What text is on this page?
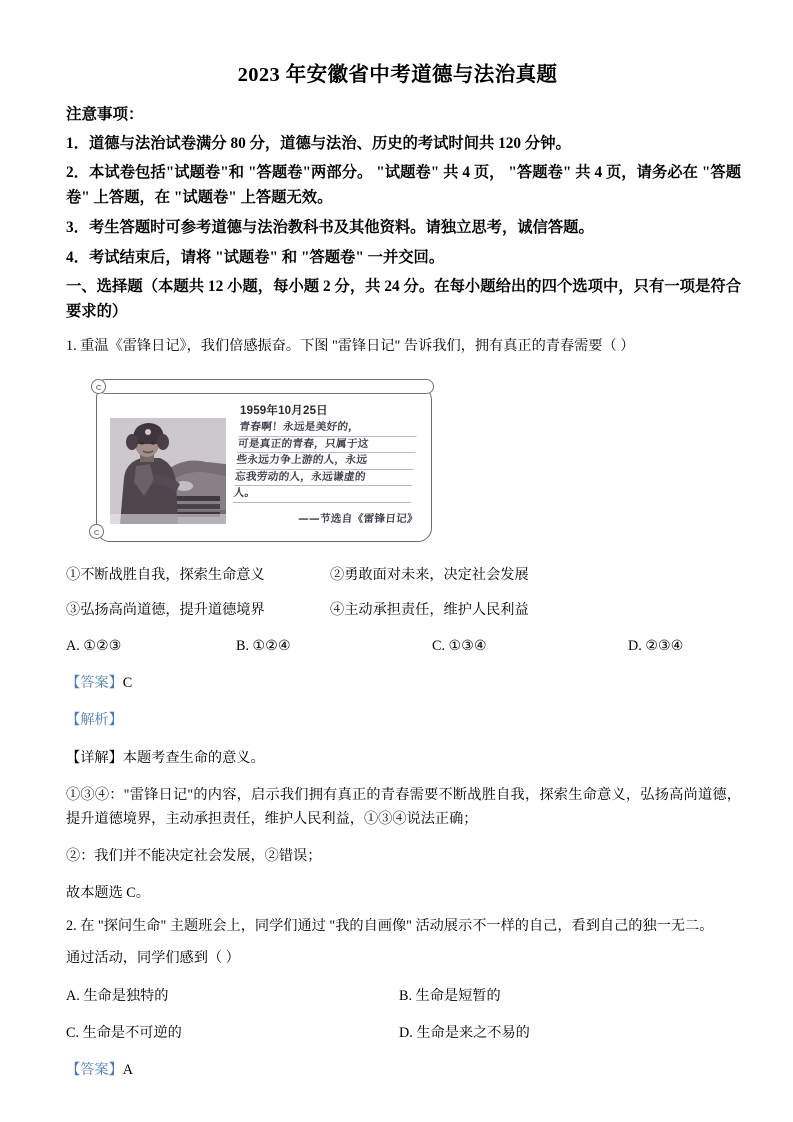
2023 年安徽省中考道德与法治真题
注意事项：
1．道德与法治试卷满分 80 分，道德与法治、历史的考试时间共 120 分钟。
2．本试卷包括"试题卷"和 "答题卷"两部分。 "试题卷" 共 4 页， "答题卷" 共 4 页，请务必在 "答题卷" 上答题，在 "试题卷" 上答题无效。
3．考生答题时可参考道德与法治教科书及其他资料。请独立思考，诚信答题。
4．考试结束后，请将 "试题卷" 和 "答题卷" 一并交回。
一、选择题（本题共 12 小题，每小题 2 分，共 24 分。在每小题给出的四个选项中，只有一项是符合要求的）
1. 重温《雷锋日记》，我们倍感振奋。下图 "雷锋日记" 告诉我们，拥有真正的青春需要（ ）
1959年10月25日
青春啊！永远是美好的，
可是真正的青春，只属于这
些永远力争上游的人，永远
忘我劳动的人，永远谦虚的
人。
——节选自《雷锋日记》
①不断战胜自我，探索生命意义	②勇敢面对未来，决定社会发展
③弘扬高尚道德，提升道德境界	④主动承担责任，维护人民利益
A. ①②③	B. ①②④	C. ①③④	D. ②③④
【答案】C
【解析】
【详解】本题考查生命的意义。
①③④："雷锋日记"的内容，启示我们拥有真正的青春需要不断战胜自我，探索生命意义，弘扬高尚道德，提升道德境界，主动承担责任，维护人民利益，①③④说法正确；
②：我们并不能决定社会发展，②错误；
故本题选 C。
2. 在 "探问生命" 主题班会上，同学们通过 "我的自画像" 活动展示不一样的自己，看到自己的独一无二。
通过活动，同学们感到（ ）
A. 生命是独特的	B. 生命是短暂的
C. 生命是不可逆的	D. 生命是来之不易的
【答案】A
